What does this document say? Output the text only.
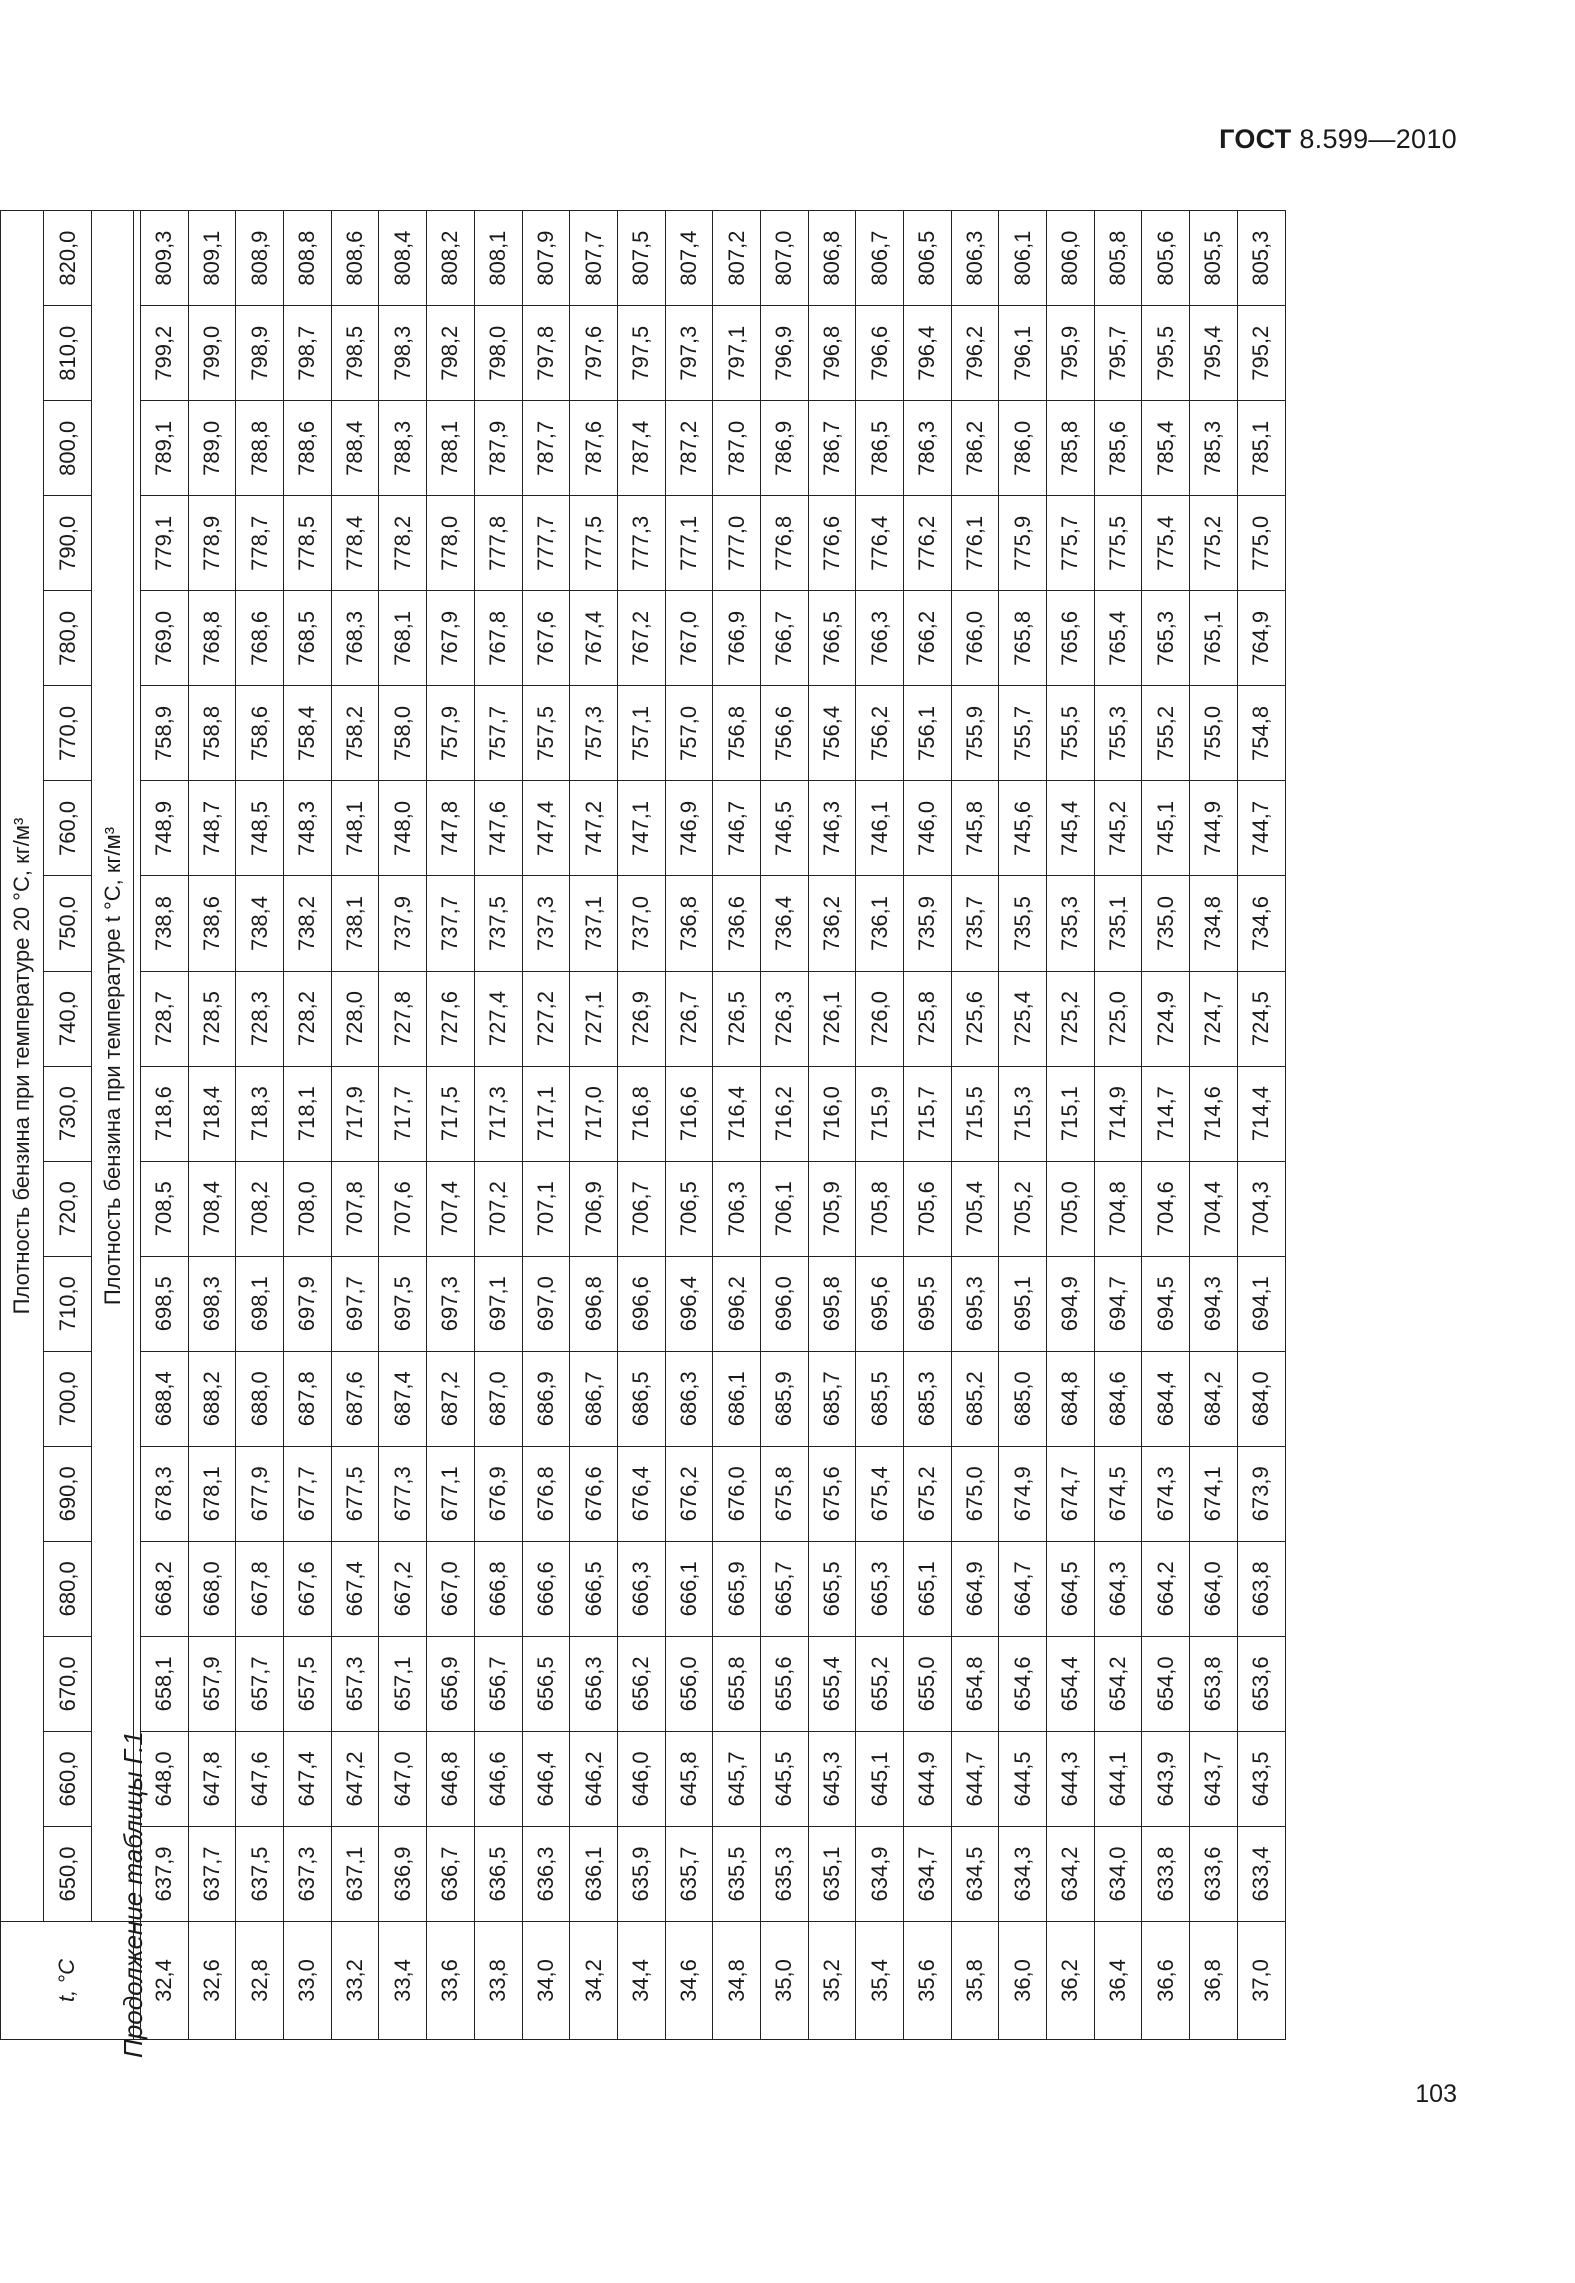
ГОСТ 8.599—2010
Продолжение таблицы Г.1
t, °C	Плотность бензина при температуре 20 °С, кг/м³																	
	650,0	660,0	670,0	680,0	690,0	700,0	710,0	720,0	730,0	740,0	750,0	760,0	770,0	780,0	790,0	800,0	810,0	820,0
	Плотность бензина при температуре t °С, кг/м³																	

32,4	637,9	648,0	658,1	668,2	678,3	688,4	698,5	708,5	718,6	728,7	738,8	748,9	758,9	769,0	779,1	789,1	799,2	809,3
32,6	637,7	647,8	657,9	668,0	678,1	688,2	698,3	708,4	718,4	728,5	738,6	748,7	758,8	768,8	778,9	789,0	799,0	809,1
32,8	637,5	647,6	657,7	667,8	677,9	688,0	698,1	708,2	718,3	728,3	738,4	748,5	758,6	768,6	778,7	788,8	798,9	808,9
33,0	637,3	647,4	657,5	667,6	677,7	687,8	697,9	708,0	718,1	728,2	738,2	748,3	758,4	768,5	778,5	788,6	798,7	808,8
33,2	637,1	647,2	657,3	667,4	677,5	687,6	697,7	707,8	717,9	728,0	738,1	748,1	758,2	768,3	778,4	788,4	798,5	808,6
33,4	636,9	647,0	657,1	667,2	677,3	687,4	697,5	707,6	717,7	727,8	737,9	748,0	758,0	768,1	778,2	788,3	798,3	808,4
33,6	636,7	646,8	656,9	667,0	677,1	687,2	697,3	707,4	717,5	727,6	737,7	747,8	757,9	767,9	778,0	788,1	798,2	808,2
33,8	636,5	646,6	656,7	666,8	676,9	687,0	697,1	707,2	717,3	727,4	737,5	747,6	757,7	767,8	777,8	787,9	798,0	808,1
34,0	636,3	646,4	656,5	666,6	676,8	686,9	697,0	707,1	717,1	727,2	737,3	747,4	757,5	767,6	777,7	787,7	797,8	807,9
34,2	636,1	646,2	656,3	666,5	676,6	686,7	696,8	706,9	717,0	727,1	737,1	747,2	757,3	767,4	777,5	787,6	797,6	807,7
34,4	635,9	646,0	656,2	666,3	676,4	686,5	696,6	706,7	716,8	726,9	737,0	747,1	757,1	767,2	777,3	787,4	797,5	807,5
34,6	635,7	645,8	656,0	666,1	676,2	686,3	696,4	706,5	716,6	726,7	736,8	746,9	757,0	767,0	777,1	787,2	797,3	807,4
34,8	635,5	645,7	655,8	665,9	676,0	686,1	696,2	706,3	716,4	726,5	736,6	746,7	756,8	766,9	777,0	787,0	797,1	807,2
35,0	635,3	645,5	655,6	665,7	675,8	685,9	696,0	706,1	716,2	726,3	736,4	746,5	756,6	766,7	776,8	786,9	796,9	807,0
35,2	635,1	645,3	655,4	665,5	675,6	685,7	695,8	705,9	716,0	726,1	736,2	746,3	756,4	766,5	776,6	786,7	796,8	806,8
35,4	634,9	645,1	655,2	665,3	675,4	685,5	695,6	705,8	715,9	726,0	736,1	746,1	756,2	766,3	776,4	786,5	796,6	806,7
35,6	634,7	644,9	655,0	665,1	675,2	685,3	695,5	705,6	715,7	725,8	735,9	746,0	756,1	766,2	776,2	786,3	796,4	806,5
35,8	634,5	644,7	654,8	664,9	675,0	685,2	695,3	705,4	715,5	725,6	735,7	745,8	755,9	766,0	776,1	786,2	796,2	806,3
36,0	634,3	644,5	654,6	664,7	674,9	685,0	695,1	705,2	715,3	725,4	735,5	745,6	755,7	765,8	775,9	786,0	796,1	806,1
36,2	634,2	644,3	654,4	664,5	674,7	684,8	694,9	705,0	715,1	725,2	735,3	745,4	755,5	765,6	775,7	785,8	795,9	806,0
36,4	634,0	644,1	654,2	664,3	674,5	684,6	694,7	704,8	714,9	725,0	735,1	745,2	755,3	765,4	775,5	785,6	795,7	805,8
36,6	633,8	643,9	654,0	664,2	674,3	684,4	694,5	704,6	714,7	724,9	735,0	745,1	755,2	765,3	775,4	785,4	795,5	805,6
36,8	633,6	643,7	653,8	664,0	674,1	684,2	694,3	704,4	714,6	724,7	734,8	744,9	755,0	765,1	775,2	785,3	795,4	805,5
37,0	633,4	643,5	653,6	663,8	673,9	684,0	694,1	704,3	714,4	724,5	734,6	744,7	754,8	764,9	775,0	785,1	795,2	805,3
103
